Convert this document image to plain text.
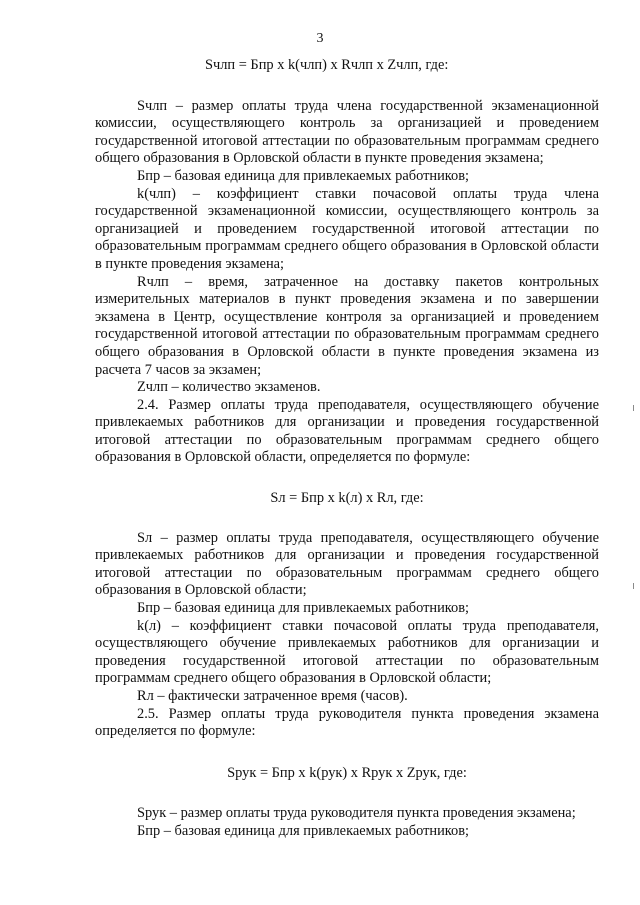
3

Sчлп = Бпр x k(члп) x Rчлп x Zчлп, где:

Sчлп – размер оплаты труда члена государственной экзаменационной комиссии, осуществляющего контроль за организацией и проведением государственной итоговой аттестации по образовательным программам среднего общего образования в Орловской области в пункте проведения экзамена;

Бпр – базовая единица для привлекаемых работников;

k(члп) – коэффициент ставки почасовой оплаты труда члена государственной экзаменационной комиссии, осуществляющего контроль за организацией и проведением государственной итоговой аттестации по образовательным программам среднего общего образования в Орловской области в пункте проведения экзамена;

Rчлп – время, затраченное на доставку пакетов контрольных измерительных материалов в пункт проведения экзамена и по завершении экзамена в Центр, осуществление контроля за организацией и проведением государственной итоговой аттестации по образовательным программам среднего общего образования в Орловской области в пункте проведения экзамена из расчета 7 часов за экзамен;

Zчлп – количество экзаменов.

2.4. Размер оплаты труда преподавателя, осуществляющего обучение привлекаемых работников для организации и проведения государственной итоговой аттестации по образовательным программам среднего общего образования в Орловской области, определяется по формуле:

Sл = Бпр x k(л) x Rл, где:

Sл – размер оплаты труда преподавателя, осуществляющего обучение привлекаемых работников для организации и проведения государственной итоговой аттестации по образовательным программам среднего общего образования в Орловской области;

Бпр – базовая единица для привлекаемых работников;

k(л) – коэффициент ставки почасовой оплаты труда преподавателя, осуществляющего обучение привлекаемых работников для организации и проведения государственной итоговой аттестации по образовательным программам среднего общего образования в Орловской области;

Rл – фактически затраченное время (часов).

2.5. Размер оплаты труда руководителя пункта проведения экзамена определяется по формуле:

Sрук = Бпр x k(рук) x Rрук x Zрук, где:

Sрук – размер оплаты труда руководителя пункта проведения экзамена;

Бпр – базовая единица для привлекаемых работников;
